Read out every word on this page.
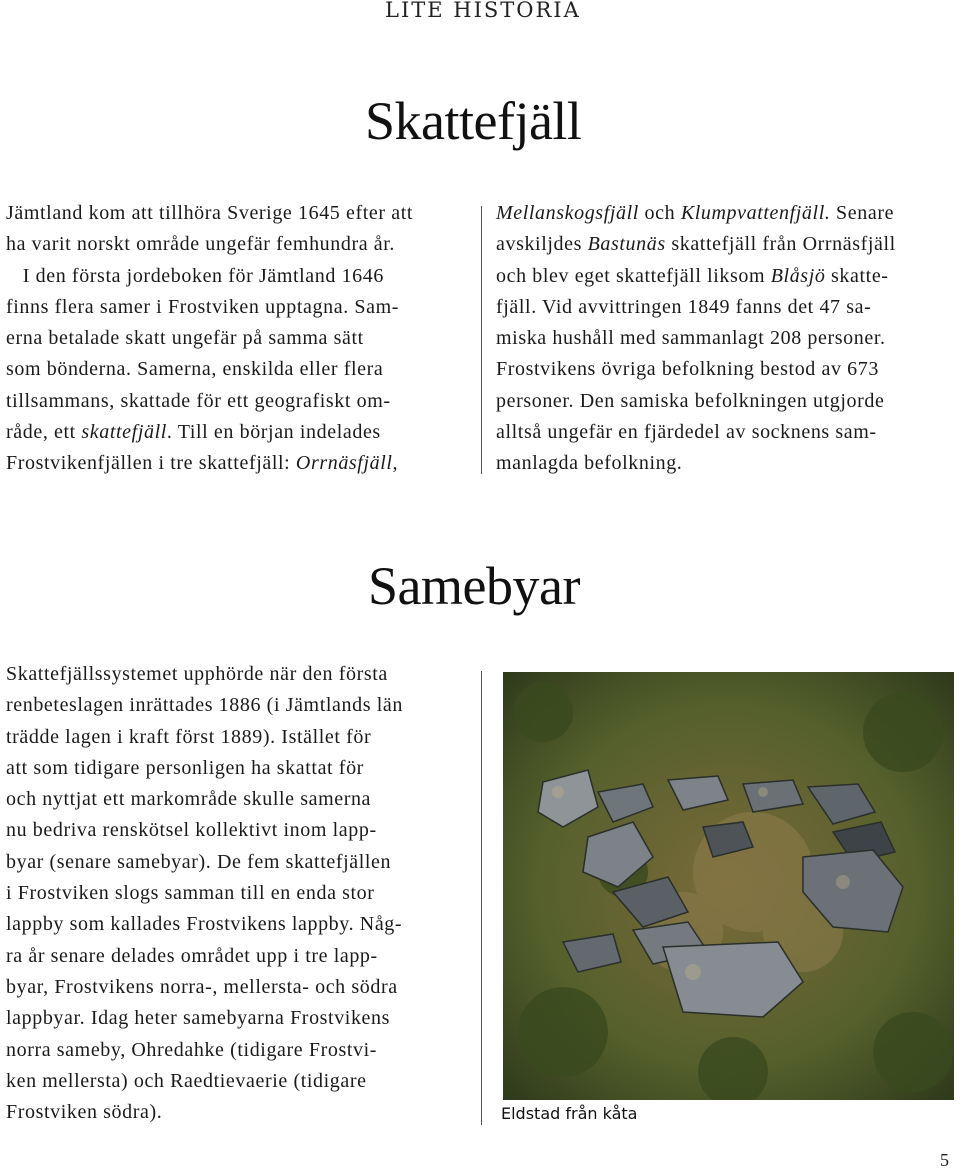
LITE HISTORIA
Skattefjäll
Jämtland kom att tillhöra Sverige 1645 efter att
ha varit norskt område ungefär femhundra år.
I den första jordeboken för Jämtland 1646
finns flera samer i Frostviken upptagna. Sam-
erna betalade skatt ungefär på samma sätt
som bönderna. Samerna, enskilda eller flera
tillsammans, skattade för ett geografiskt om-
råde, ett skattefjäll. Till en början indelades
Frostvikenfjällen i tre skattefjäll: Orrnäsfjäll,
Mellanskogsfjäll och Klumpvattenfjäll. Senare
avskiljdes Bastunäs skattefjäll från Orrnäsfjäll
och blev eget skattefjäll liksom Blåsjö skatte-
fjäll. Vid avvittringen 1849 fanns det 47 sa-
miska hushåll med sammanlagt 208 personer.
Frostvikens övriga befolkning bestod av 673
personer. Den samiska befolkningen utgjorde
alltså ungefär en fjärdedel av socknens sam-
manlagda befolkning.
Samebyar
Skattefjällssystemet upphörde när den första
renbeteslagen inrättades 1886 (i Jämtlands län
trädde lagen i kraft först 1889). Istället för
att som tidigare personligen ha skattat för
och nyttjat ett markområde skulle samerna
nu bedriva renskötsel kollektivt inom lapp-
byar (senare samebyar). De fem skattefjällen
i Frostviken slogs samman till en enda stor
lappby som kallades Frostvikens lappby. Någ-
ra år senare delades området upp i tre lapp-
byar, Frostvikens norra-, mellersta- och södra
lappbyar. Idag heter samebyarna Frostvikens
norra sameby, Ohredahke (tidigare Frostvi-
ken mellersta) och Raedtievaerie (tidigare
Frostviken södra).	Eldstad från kåta
5
